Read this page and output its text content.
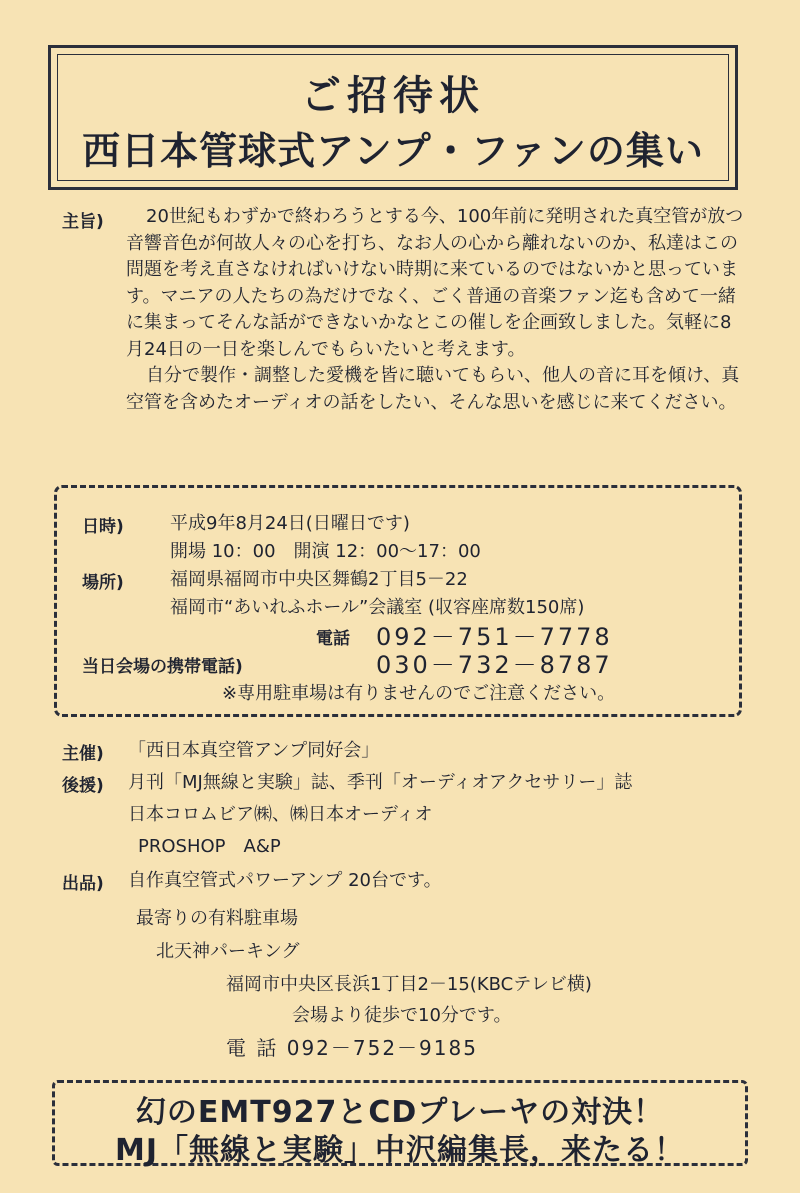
ご招待状
西日本管球式アンプ・ファンの集い
主旨)	20世紀もわずかで終わろうとする今、100年前に発明された真空管が放つ音響音色が何故人々の心を打ち、なお人の心から離れないのか、私達はこの問題を考え直さなければいけない時期に来ているのではないかと思っています。マニアの人たちの為だけでなく、ごく普通の音楽ファン迄も含めて一緒に集まってそんな話ができないかなとこの催しを企画致しました。気軽に8月24日の一日を楽しんでもらいたいと考えます。

自分で製作・調整した愛機を皆に聴いてもらい、他人の音に耳を傾け、真空管を含めたオーディオの話をしたい、そんな思いを感じに来てください。

日時)	平成9年8月24日(日曜日です)
開場 10：00　開演 12：00～17：00
場所)	福岡県福岡市中央区舞鶴2丁目5－22
福岡市“あいれふホール”会議室 (収容座席数150席)
電話 092－751－7778
当日会場の携帯電話)	030－732－8787
※専用駐車場は有りませんのでご注意ください。
主催) 「西日本真空管アンプ同好会」
後援) 月刊「MJ無線と実験」誌、季刊「オーディオアクセサリー」誌
日本コロムビア㈱、㈱日本オーディオ
PROSHOP　A&P
出品) 自作真空管式パワーアンプ 20台です。
最寄りの有料駐車場
北天神パーキング
福岡市中央区長浜1丁目2－15(KBCテレビ横)
会場より徒歩で10分です。
電 話 092－752－9185
幻のEMT927とCDプレーヤの対決！
MJ「無線と実験」中沢編集長，来たる！
